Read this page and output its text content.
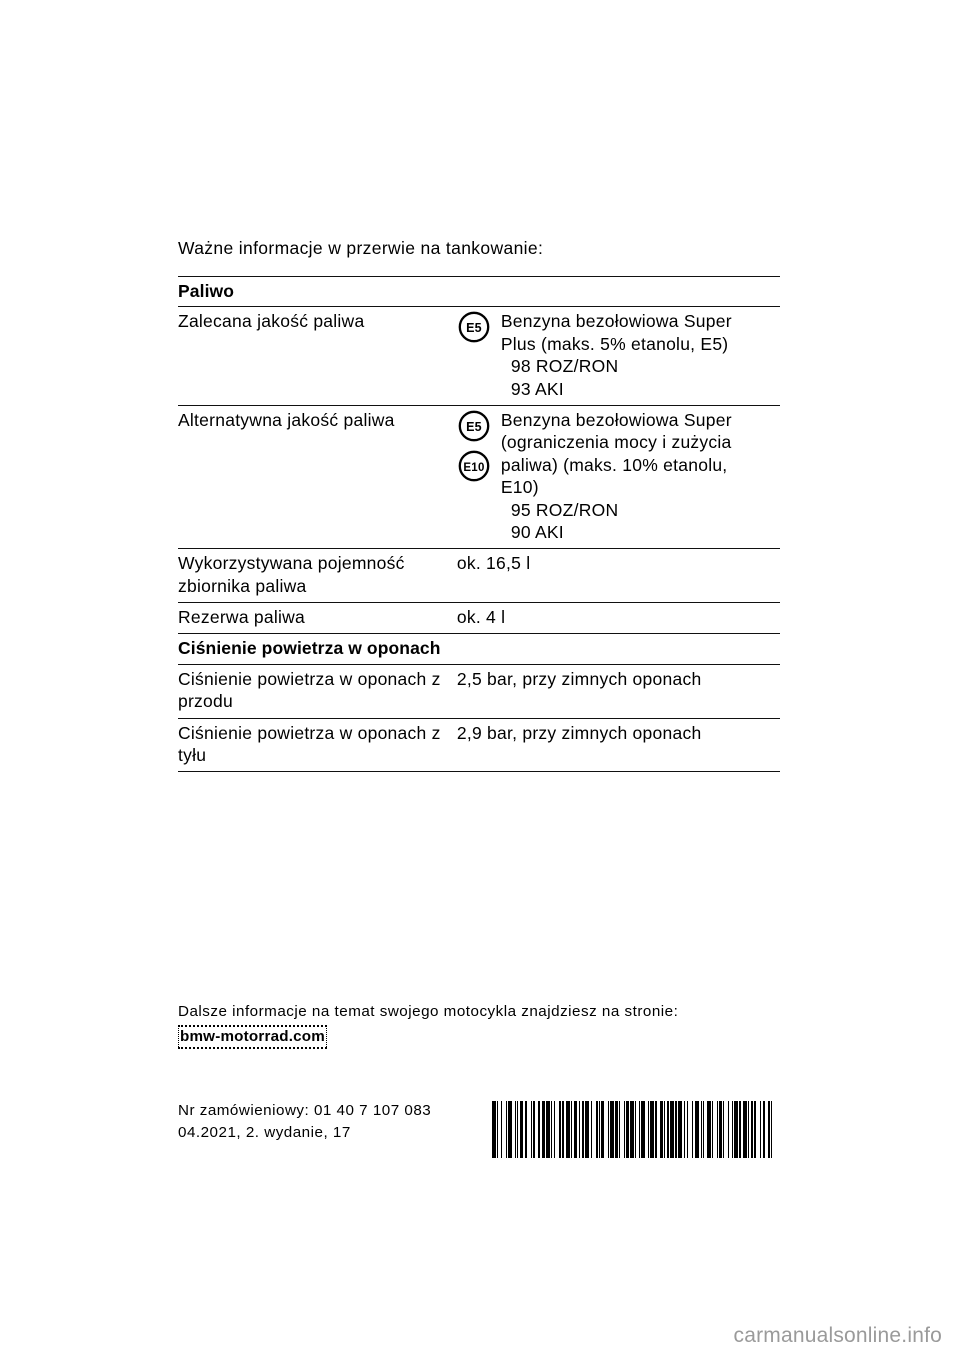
Ważne informacje w przerwie na tankowanie:
Paliwo	
Zalecana jakość paliwa	E5 Benzyna bezołowiowa Super
Plus (maks. 5% etanolu, E5)
98 ROZ/RON
93 AKI
Alternatywna jakość paliwa	E5
E10
Benzyna bezołowiowa Super
(ograniczenia mocy i zużycia
paliwa) (maks. 10% etanolu,
E10)
95 ROZ/RON
90 AKI
Wykorzystywana pojemność
zbiornika paliwa	ok. 16,5 l
Rezerwa paliwa	ok. 4 l
Ciśnienie powietrza w oponach	
Ciśnienie powietrza w oponach z
przodu	2,5 bar, przy zimnych oponach
Ciśnienie powietrza w oponach z
tyłu	2,9 bar, przy zimnych oponach
Dalsze informacje na temat swojego motocykla znajdziesz na stronie:
bmw-motorrad.com
Nr zamówieniowy: 01 40 7 107 083
04.2021, 2. wydanie, 17
carmanualsonline.info
